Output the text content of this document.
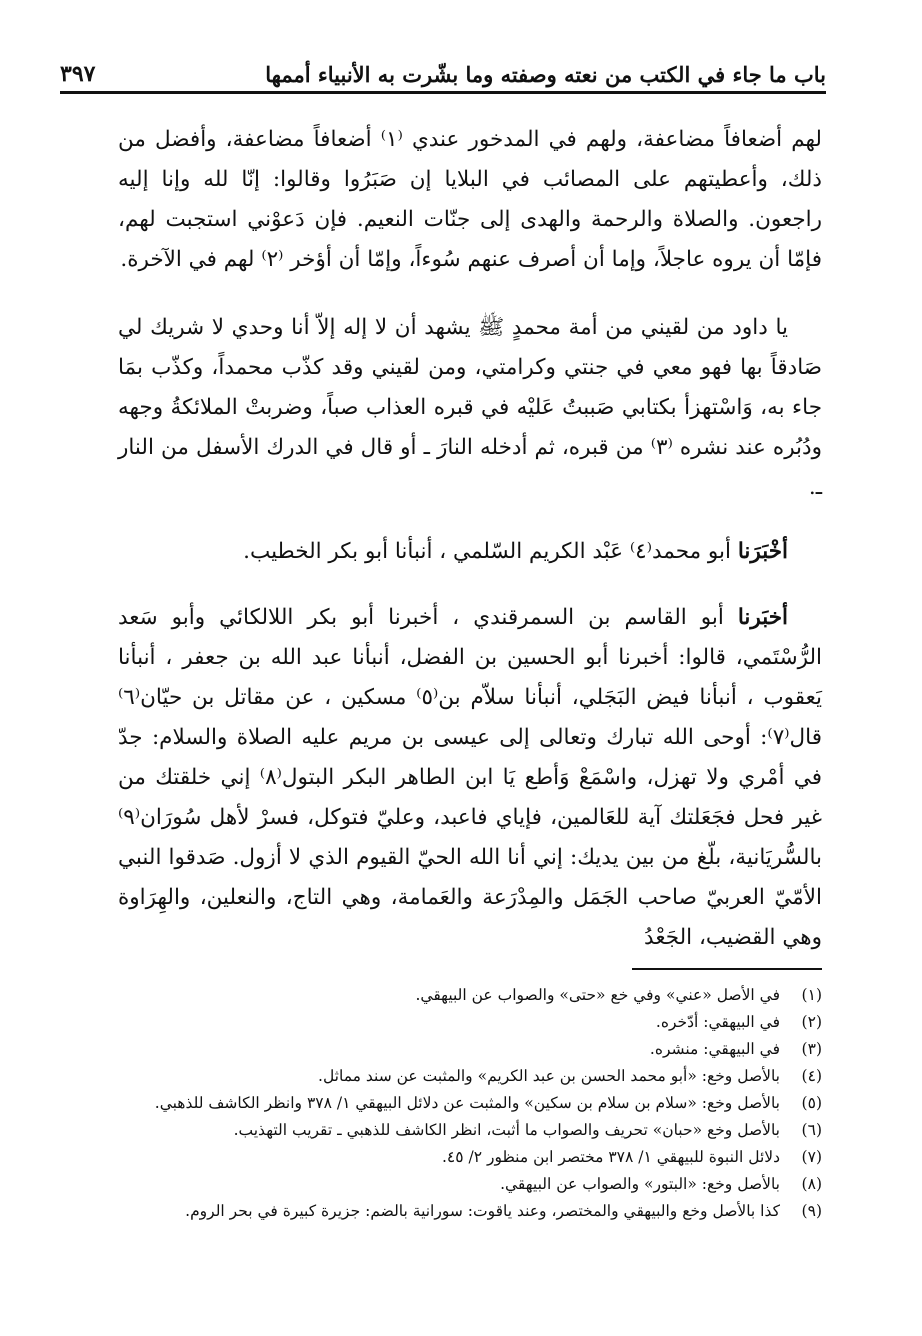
باب ما جاء في الكتب من نعته وصفته وما بشّرت به الأنبياء أممها
٣٩٧

لهم أضعافاً مضاعفة، ولهم في المدخور عندي ⁽١⁾ أضعافاً مضاعفة، وأفضل من ذلك، وأعطيتهم على المصائب في البلايا إن صَبَرُوا وقالوا: إنّا لله وإنا إليه راجعون. والصلاة والرحمة والهدى إلى جنّات النعيم. فإن دَعوْني استجبت لهم، فإمّا أن يروه عاجلاً، وإما أن أصرف عنهم سُوءاً، وإمّا أن أؤخر ⁽٢⁾ لهم في الآخرة.

يا داود من لقيني من أمة محمدٍ ﷺ يشهد أن لا إله إلاّ أنا وحدي لا شريك لي صَادقاً بها فهو معي في جنتي وكرامتي، ومن لقيني وقد كذّب محمداً، وكذّب بمَا جاء به، وَاسْتهزأ بكتابي صَببتُ عَليْه في قبره العذاب صباً، وضربتْ الملائكةُ وجهه ودُبُره عند نشره ⁽٣⁾ من قبره، ثم أدخله النارَ ـ أو قال في الدرك الأسفل من النار ـ.

أخْبَرَنا أبو محمد⁽٤⁾ عَبْد الكريم السّلمي ، أنبأنا أبو بكر الخطيب.

أخبَرنا أبو القاسم بن السمرقندي ، أخبرنا أبو بكر اللالكائي وأبو سَعد الرُّسْتَمي، قالوا: أخبرنا أبو الحسين بن الفضل، أنبأنا عبد الله بن جعفر ، أنبأنا يَعقوب ، أنبأنا فيض البَجَلي، أنبأنا سلاّم بن⁽٥⁾ مسكين ، عن مقاتل بن حيّان⁽٦⁾ قال⁽٧⁾: أوحى الله تبارك وتعالى إلى عيسى بن مريم عليه الصلاة والسلام: جدّ في أمْري ولا تهزل، واسْمَعْ وَأطع يَا ابن الطاهر البكر البتول⁽٨⁾ إني خلقتك من غير فحل فجَعَلتك آية للعَالمين، فإياي فاعبد، وعليّ فتوكل، فسرْ لأهل سُورَان⁽٩⁾ بالسُّريَانية، بلّغ من بين يديك: إني أنا الله الحيّ القيوم الذي لا أزول. صَدقوا النبي الأمّيّ العربيّ صاحب الجَمَل والمِدْرَعة والعَمامة، وهي التاج، والنعلين، والهِرَاوة وهي القضيب، الجَعْدُ

(١)
في الأصل «عني» وفي خع «حتى» والصواب عن البيهقي.
(٢)
في البيهقي: أدّخره.
(٣)
في البيهقي: منشره.
(٤)
بالأصل وخع: «أبو محمد الحسن بن عبد الكريم» والمثبت عن سند مماثل.
(٥)
بالأصل وخع: «سلام بن سلام بن سكين» والمثبت عن دلائل البيهقي ١/ ٣٧٨ وانظر الكاشف للذهبي.
(٦)
بالأصل وخع «حبان» تحريف والصواب ما أثبت، انظر الكاشف للذهبي ـ تقريب التهذيب.
(٧)
دلائل النبوة للبيهقي ١/ ٣٧٨ مختصر ابن منظور ٢/ ٤٥.
(٨)
بالأصل وخع: «البتور» والصواب عن البيهقي.
(٩)
كذا بالأصل وخع والبيهقي والمختصر، وعند ياقوت: سورانية بالضم: جزيرة كبيرة في بحر الروم.
